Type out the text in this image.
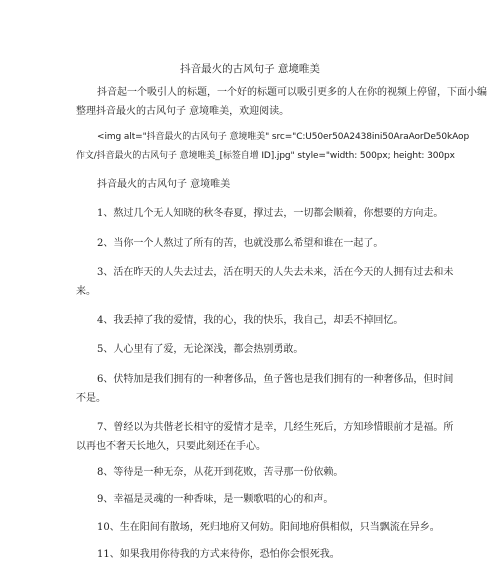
抖音最火的古风句子 意境唯美

抖音起一个吸引人的标题，一个好的标题可以吸引更多的人在你的视频上停留，下面小编
整理抖音最火的古风句子 意境唯美，欢迎阅读。

<img alt="抖音最火的古风句子 意境唯美" src="C:U50er50A2438ini50AraAorDe50kAop
作文/抖音最火的古风句子 意境唯美_[标签自增 ID].jpg" style="width: 500px; height: 300px

抖音最火的古风句子 意境唯美

1、熬过几个无人知晓的秋冬春夏，撑过去，一切都会顺着，你想要的方向走。

2、当你一个人熬过了所有的苦，也就没那么希望和谁在一起了。

3、活在昨天的人失去过去，活在明天的人失去未来，活在今天的人拥有过去和未
来。

4、我丢掉了我的爱情，我的心，我的快乐，我自己，却丢不掉回忆。

5、人心里有了爱，无论深浅，都会热别勇敢。

6、伏特加是我们拥有的一种奢侈品，鱼子酱也是我们拥有的一种奢侈品，但时间
不是。

7、曾经以为共偕老长相守的爱情才是幸，几经生死后，方知珍惜眼前才是福。所
以再也不奢天长地久，只要此刻还在手心。

8、等待是一种无奈，从花开到花败，苦寻那一份依赖。

9、幸福是灵魂的一种香味，是一颗歌唱的心的和声。

10、生在阳间有散场，死归地府又何妨。阳间地府俱相似，只当飘流在异乡。

11、如果我用你待我的方式来待你，恐怕你会恨死我。
